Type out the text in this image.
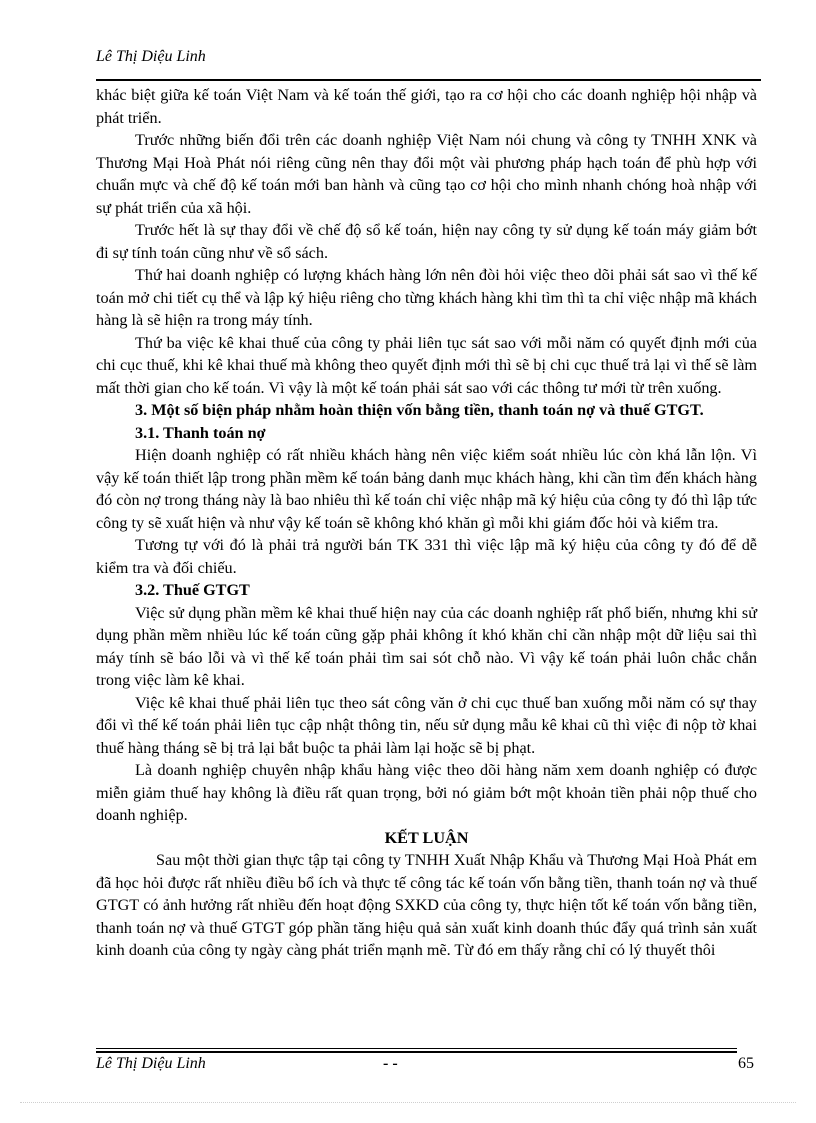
Lê Thị Diệu Linh

khác biệt giữa kế toán Việt Nam và kế toán thế giới, tạo ra cơ hội cho các doanh nghiệp hội nhập và phát triển.

Trước những biến đổi trên các doanh nghiệp Việt Nam nói chung và công ty TNHH XNK và Thương Mại Hoà Phát nói riêng cũng nên thay đổi một vài phương pháp hạch toán để phù hợp với chuẩn mực và chế độ kế toán mới ban hành và cũng tạo cơ hội cho mình nhanh chóng hoà nhập với sự phát triển của xã hội.

Trước hết là sự thay đổi về chế độ sổ kế toán, hiện nay công ty sử dụng kế toán máy giảm bớt đi sự tính toán cũng như về sổ sách.

Thứ hai doanh nghiệp có lượng khách hàng lớn nên đòi hỏi việc theo dõi phải sát sao vì thế kế toán mở chi tiết cụ thể và lập ký hiệu riêng cho từng khách hàng khi tìm thì ta chỉ việc nhập mã khách hàng là sẽ hiện ra trong máy tính.

Thứ ba việc kê khai thuế của công ty phải liên tục sát sao với mỗi năm có quyết định mới của chi cục thuế, khi kê khai thuế mà không theo quyết định mới thì sẽ bị chi cục thuế trả lại vì thế sẽ làm mất thời gian cho kế toán. Vì vậy là một kế toán phải sát sao với các thông tư mới từ trên xuống.

3. Một số biện pháp nhằm hoàn thiện vốn bằng tiền, thanh toán nợ và thuế GTGT.

3.1. Thanh toán nợ

Hiện doanh nghiệp có rất nhiều khách hàng nên việc kiểm soát nhiều lúc còn khá lẫn lộn. Vì vậy kế toán thiết lập trong phần mềm kế toán bảng danh mục khách hàng, khi cần tìm đến khách hàng đó còn nợ trong tháng này là bao nhiêu thì kế toán chỉ việc nhập mã ký hiệu của công ty đó thì lập tức công ty sẽ xuất hiện và như vậy kế toán sẽ không khó khăn gì mỗi khi giám đốc hỏi và kiểm tra.

Tương tự với đó là phải trả người bán TK 331 thì việc lập mã ký hiệu của công ty đó để dễ kiểm tra và đối chiếu.

3.2. Thuế GTGT

Việc sử dụng phần mềm kê khai thuế hiện nay của các doanh nghiệp rất phổ biến, nhưng khi sử dụng phần mềm nhiều lúc kế toán cũng gặp phải không ít khó khăn chỉ cần nhập một dữ liệu sai thì máy tính sẽ báo lỗi và vì thế kế toán phải tìm sai sót chỗ nào. Vì vậy kế toán phải luôn chắc chắn trong việc làm kê khai.

Việc kê khai thuế phải liên tục theo sát công văn ở chi cục thuế ban xuống mỗi năm có sự thay đổi vì thế kế toán phải liên tục cập nhật thông tin, nếu sử dụng mẫu kê khai cũ thì việc đi nộp tờ khai thuế hàng tháng sẽ bị trả lại bắt buộc ta phải làm lại hoặc sẽ bị phạt.

Là doanh nghiệp chuyên nhập khẩu hàng việc theo dõi hàng năm xem doanh nghiệp có được miễn giảm thuế hay không là điều rất quan trọng, bởi nó giảm bớt một khoản tiền phải nộp thuế cho doanh nghiệp.

KẾT LUẬN

Sau một thời gian thực tập tại công ty TNHH Xuất Nhập Khẩu và Thương Mại Hoà Phát em đã học hỏi được rất nhiều điều bổ ích và thực tế công tác kế toán vốn bằng tiền, thanh toán nợ và thuế GTGT có ảnh hưởng rất nhiều đến hoạt động SXKD của công ty, thực hiện tốt kế toán vốn bằng tiền, thanh toán nợ và thuế GTGT góp phần tăng hiệu quả sản xuất kinh doanh thúc đẩy quá trình sản xuất kinh doanh của công ty ngày càng phát triển mạnh mẽ. Từ đó em thấy rằng chỉ có lý thuyết thôi

Lê Thị Diệu Linh	- -	65
